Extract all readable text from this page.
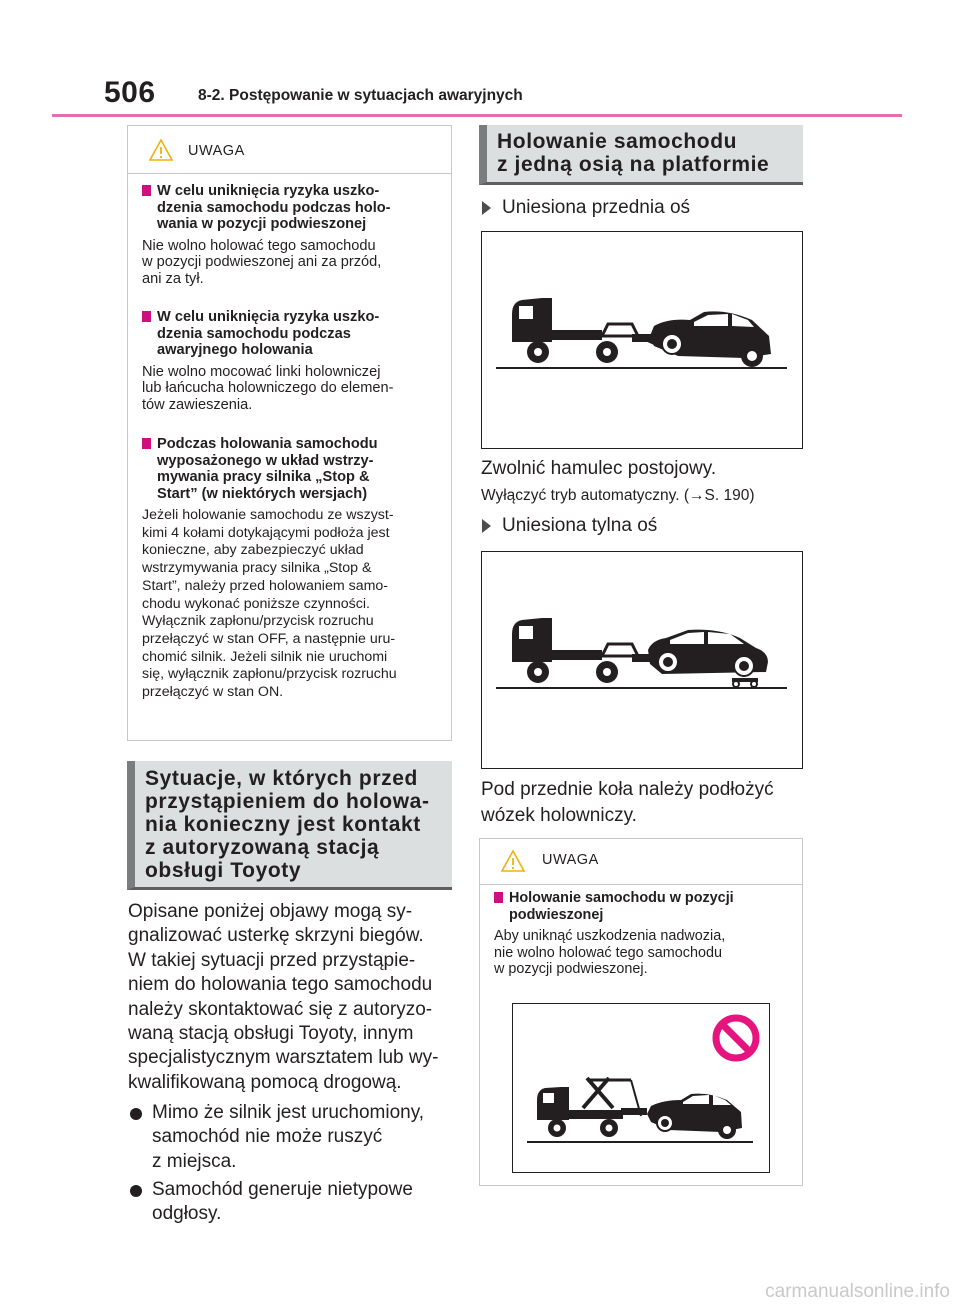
506	8-2. Postępowanie w sytuacjach awaryjnych
UWAGA
W celu uniknięcia ryzyka uszko-
dzenia samochodu podczas holo-
wania w pozycji podwieszonej
Nie wolno holować tego samochodu
w pozycji podwieszonej ani za przód,
ani za tył.
W celu uniknięcia ryzyka uszko-
dzenia samochodu podczas
awaryjnego holowania
Nie wolno mocować linki holowniczej
lub łańcucha holowniczego do elemen-
tów zawieszenia.
Podczas holowania samochodu
wyposażonego w układ wstrzy-
mywania pracy silnika „Stop &
Start” (w niektórych wersjach)
Jeżeli holowanie samochodu ze wszyst-
kimi 4 kołami dotykającymi podłoża jest
konieczne, aby zabezpieczyć układ
wstrzymywania pracy silnika „Stop &
Start”, należy przed holowaniem samo-
chodu wykonać poniższe czynności.
Wyłącznik zapłonu/przycisk rozruchu
przełączyć w stan OFF, a następnie uru-
chomić silnik. Jeżeli silnik nie uruchomi
się, wyłącznik zapłonu/przycisk rozruchu
przełączyć w stan ON.
Sytuacje, w których przed
przystąpieniem do holowa-
nia konieczny jest kontakt
z autoryzowaną stacją
obsługi Toyoty
Opisane poniżej objawy mogą sy-
gnalizować usterkę skrzyni biegów.
W takiej sytuacji przed przystąpie-
niem do holowania tego samochodu
należy skontaktować się z autoryzo-
waną stacją obsługi Toyoty, innym
specjalistycznym warsztatem lub wy-
kwalifikowaną pomocą drogową.
Mimo że silnik jest uruchomiony,
samochód nie może ruszyć
z miejsca.
Samochód generuje nietypowe
odgłosy.
Holowanie samochodu
z jedną osią na platformie
Uniesiona przednia oś
Zwolnić hamulec postojowy.
Wyłączyć tryb automatyczny. (→S. 190)
Uniesiona tylna oś
Pod przednie koła należy podłożyć
wózek holowniczy.
UWAGA
Holowanie samochodu w pozycji
podwieszonej
Aby uniknąć uszkodzenia nadwozia,
nie wolno holować tego samochodu
w pozycji podwieszonej.
carmanualsonline.info
